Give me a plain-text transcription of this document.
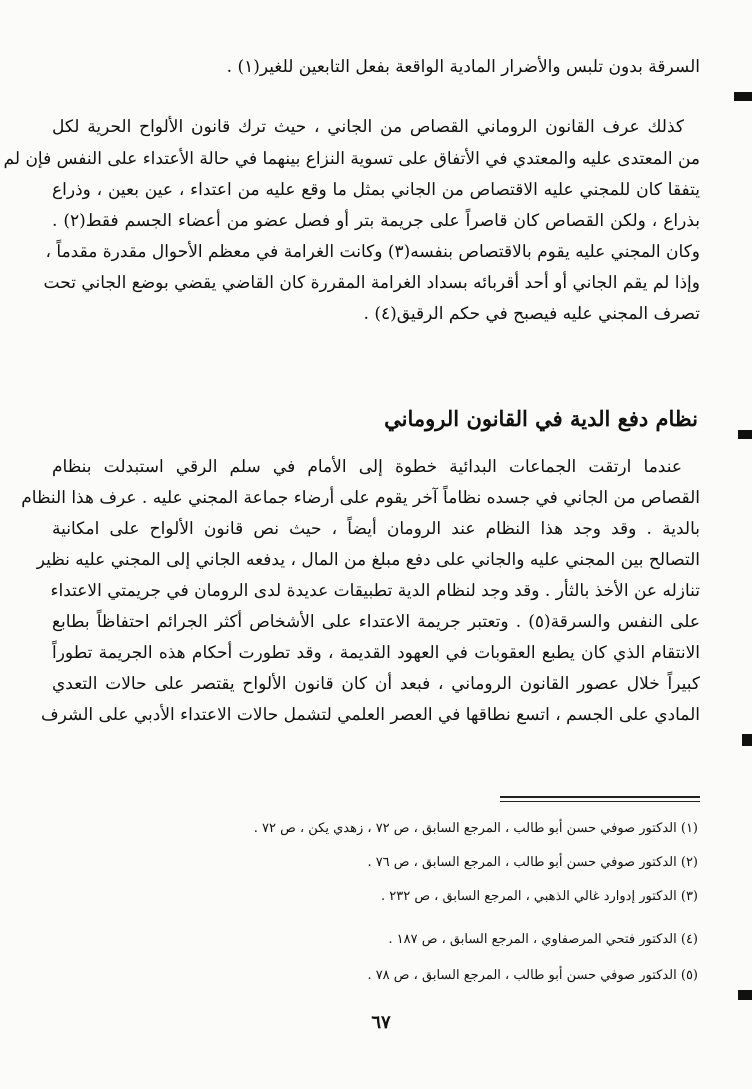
السرقة بدون تلبس والأضرار المادية الواقعة بفعل التابعين للغير(١) .
كذلك عرف القانون الروماني القصاص من الجاني ، حيث ترك قانون الألواح الحرية لكل
من المعتدى عليه والمعتدي في الأتفاق على تسوية النزاع بينهما في حالة الأعتداء على النفس فإن لم
يتفقا كان للمجني عليه الاقتصاص من الجاني بمثل ما وقع عليه من اعتداء ، عين بعين ، وذراع
بذراع ، ولكن القصاص كان قاصراً على جريمة بتر أو فصل عضو من أعضاء الجسم فقط(٢) .
وكان المجني عليه يقوم بالاقتصاص بنفسه(٣) وكانت الغرامة في معظم الأحوال مقدرة مقدماً ،
وإذا لم يقم الجاني أو أحد أقربائه بسداد الغرامة المقررة كان القاضي يقضي بوضع الجاني تحت
تصرف المجني عليه فيصبح في حكم الرقيق(٤) .
نظام دفع الدية في القانون الروماني
عندما ارتقت الجماعات البدائية خطوة إلى الأمام في سلم الرقي استبدلت بنظام
القصاص من الجاني في جسده نظاماً آخر يقوم على أرضاء جماعة المجني عليه . عرف هذا النظام
بالدية . وقد وجد هذا النظام عند الرومان أيضاً ، حيث نص قانون الألواح على امكانية
التصالح بين المجني عليه والجاني على دفع مبلغ من المال ، يدفعه الجاني إلى المجني عليه نظير
تنازله عن الأخذ بالثأر . وقد وجد لنظام الدية تطبيقات عديدة لدى الرومان في جريمتي الاعتداء
على النفس والسرقة(٥) . وتعتبر جريمة الاعتداء على الأشخاص أكثر الجرائم احتفاظاً بطابع
الانتقام الذي كان يطبع العقوبات في العهود القديمة ، وقد تطورت أحكام هذه الجريمة تطوراً
كبيراً خلال عصور القانون الروماني ، فبعد أن كان قانون الألواح يقتصر على حالات التعدي
المادي على الجسم ، اتسع نطاقها في العصر العلمي لتشمل حالات الاعتداء الأدبي على الشرف
(١) الدكتور صوفي حسن أبو طالب ، المرجع السابق ، ص ٧٢ ، زهدي يكن ، ص ٧٢ .
(٢) الدكتور صوفي حسن أبو طالب ، المرجع السابق ، ص ٧٦ .
(٣) الدكتور إدوارد غالي الذهبي ، المرجع السابق ، ص ٢٣٢ .
(٤) الدكتور فتحي المرصفاوي ، المرجع السابق ، ص ١٨٧ .
(٥) الدكتور صوفي حسن أبو طالب ، المرجع السابق ، ص ٧٨ .
٦٧
